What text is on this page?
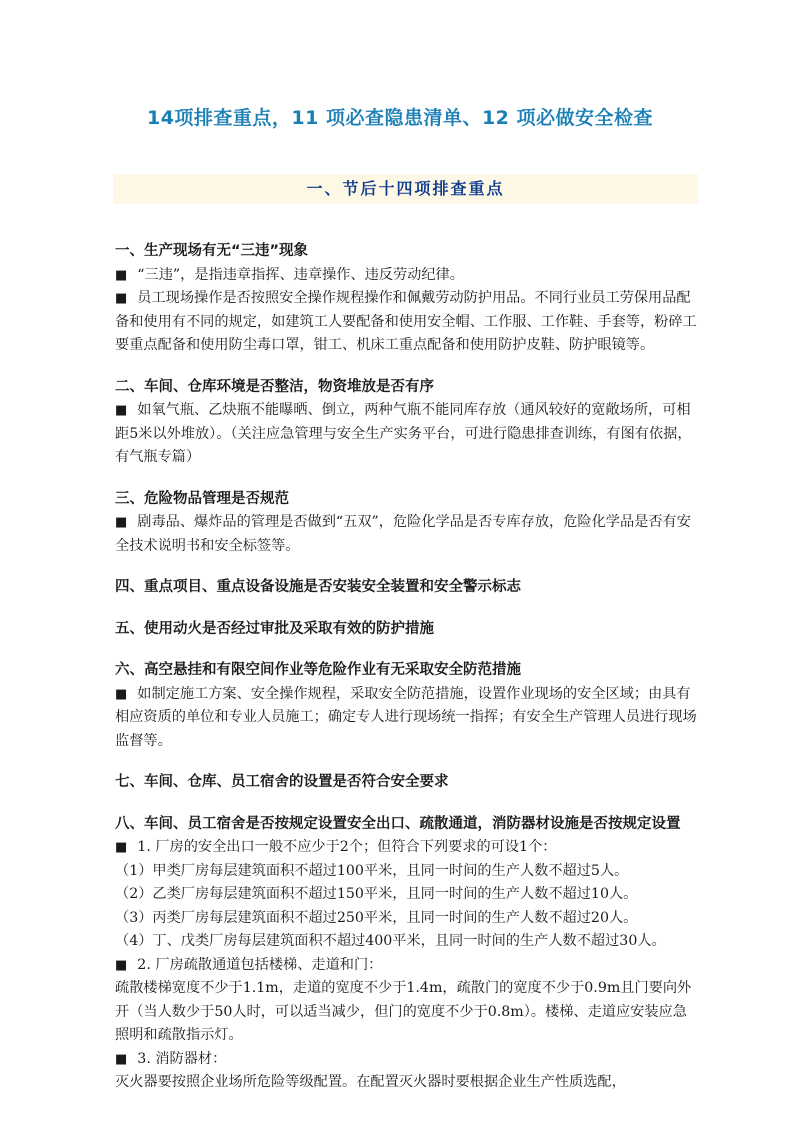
14项排查重点，11 项必查隐患清单、12 项必做安全检查
一、节后十四项排查重点
一、生产现场有无“三违”现象

■ “三违”，是指违章指挥、违章操作、违反劳动纪律。

■ 员工现场操作是否按照安全操作规程操作和佩戴劳动防护用品。不同行业员工劳保用品配备和使用有不同的规定，如建筑工人要配备和使用安全帽、工作服、工作鞋、手套等，粉碎工要重点配备和使用防尘毒口罩，钳工、机床工重点配备和使用防护皮鞋、防护眼镜等。

二、车间、仓库环境是否整洁，物资堆放是否有序

■ 如氧气瓶、乙炔瓶不能曝晒、倒立，两种气瓶不能同库存放（通风较好的宽敞场所，可相距5米以外堆放）。（关注应急管理与安全生产实务平台，可进行隐患排查训练，有图有依据，有气瓶专篇）

三、危险物品管理是否规范

■ 剧毒品、爆炸品的管理是否做到“五双”，危险化学品是否专库存放，危险化学品是否有安全技术说明书和安全标签等。

四、重点项目、重点设备设施是否安装安全装置和安全警示标志
五、使用动火是否经过审批及采取有效的防护措施
六、高空悬挂和有限空间作业等危险作业有无采取安全防范措施

■ 如制定施工方案、安全操作规程，采取安全防范措施，设置作业现场的安全区域；由具有相应资质的单位和专业人员施工；确定专人进行现场统一指挥；有安全生产管理人员进行现场监督等。

七、车间、仓库、员工宿舍的设置是否符合安全要求
八、车间、员工宿舍是否按规定设置安全出口、疏散通道，消防器材设施是否按规定设置

■ 1. 厂房的安全出口一般不应少于2个；但符合下列要求的可设1个：

（1）甲类厂房每层建筑面积不超过100平米，且同一时间的生产人数不超过5人。

（2）乙类厂房每层建筑面积不超过150平米，且同一时间的生产人数不超过10人。

（3）丙类厂房每层建筑面积不超过250平米，且同一时间的生产人数不超过20人。

（4）丁、戊类厂房每层建筑面积不超过400平米，且同一时间的生产人数不超过30人。

■ 2. 厂房疏散通道包括楼梯、走道和门：

疏散楼梯宽度不少于1.1m，走道的宽度不少于1.4m，疏散门的宽度不少于0.9m且门要向外开（当人数少于50人时，可以适当减少，但门的宽度不少于0.8m）。楼梯、走道应安装应急照明和疏散指示灯。

■ 3. 消防器材：

灭火器要按照企业场所危险等级配置。在配置灭火器时要根据企业生产性质选配，
